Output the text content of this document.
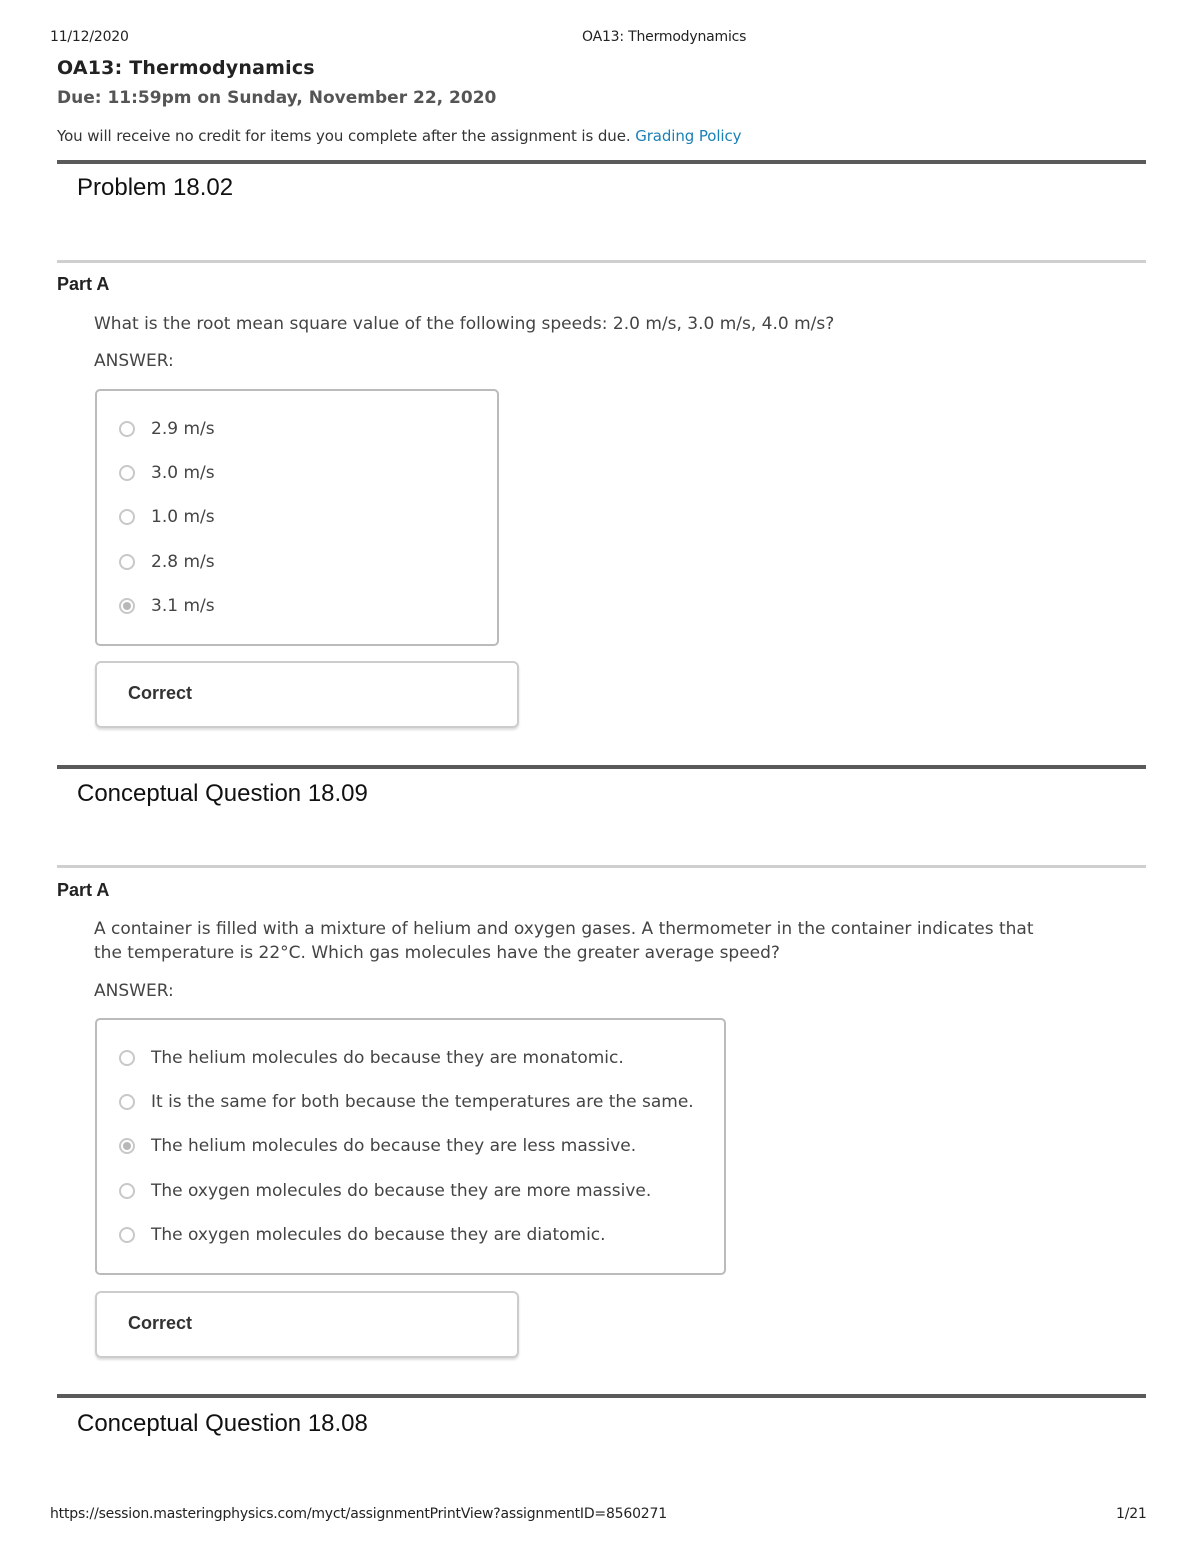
11/12/2020	OA13: Thermodynamics
OA13: Thermodynamics
Due: 11:59pm on Sunday, November 22, 2020
You will receive no credit for items you complete after the assignment is due. Grading Policy
Problem 18.02
Part A
What is the root mean square value of the following speeds: 2.0 m/s, 3.0 m/s, 4.0 m/s?
ANSWER:
2.9 m/s
3.0 m/s
1.0 m/s
2.8 m/s
3.1 m/s
Correct
Conceptual Question 18.09
Part A
A container is filled with a mixture of helium and oxygen gases. A thermometer in the container indicates that the temperature is 22°C. Which gas molecules have the greater average speed?
ANSWER:
The helium molecules do because they are monatomic.
It is the same for both because the temperatures are the same.
The helium molecules do because they are less massive.
The oxygen molecules do because they are more massive.
The oxygen molecules do because they are diatomic.
Correct
Conceptual Question 18.08
https://session.masteringphysics.com/myct/assignmentPrintView?assignmentID=8560271	1/21
